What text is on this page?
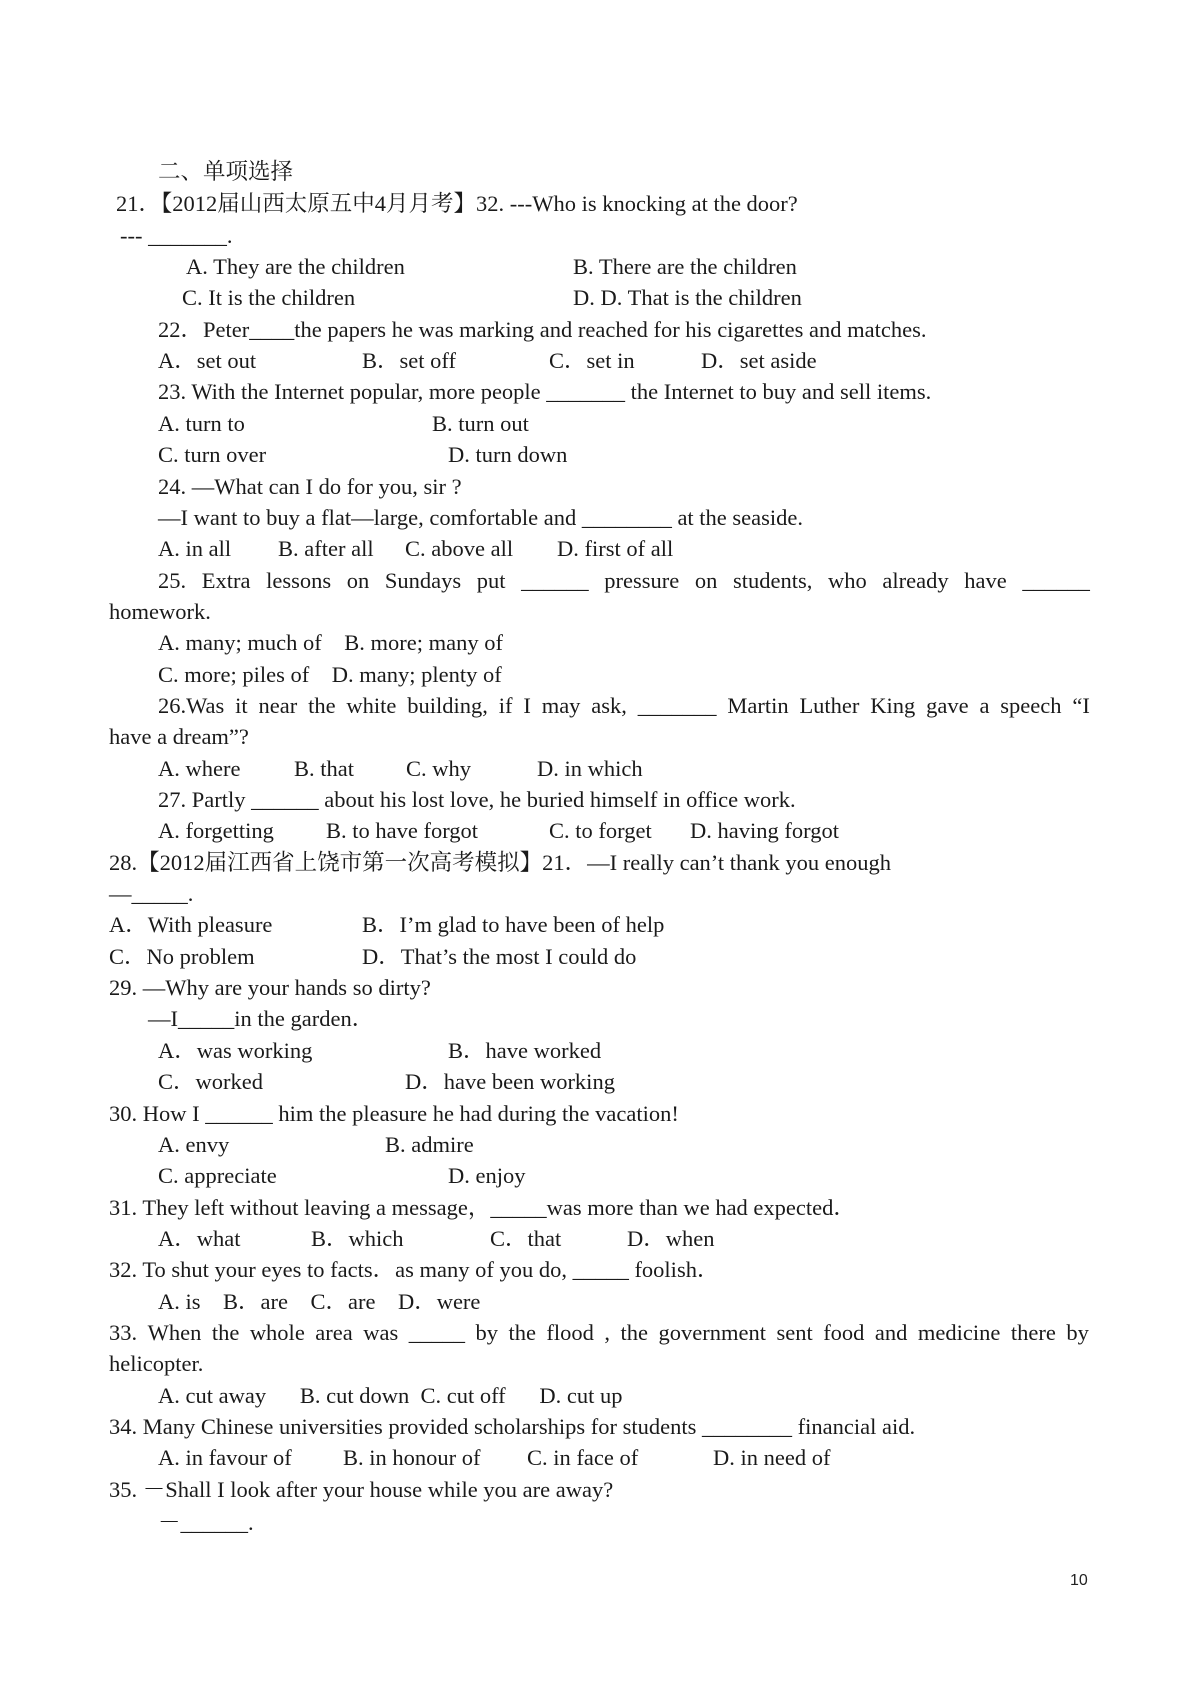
二、单项选择
21．【2012届山西太原五中4月月考】32. ---Who is knocking at the door?
--- _______.
A. They are the children	B. There are the children
C. It is the children	D. D. That is the children
22．Peter____the papers he was marking and reached for his cigarettes and matches.
A．set out	B．set off	C．set in	D．set aside
23. With the Internet popular, more people _______ the Internet to buy and sell items.
A. turn to	B. turn out
C. turn over	D. turn down
24. —What can I do for you, sir ?
—I want to buy a flat—large, comfortable and ________ at the seaside.
A. in all B. after all C. above all D. first of all
25. Extra lessons on Sundays put ______ pressure on students, who already have ______
homework.
A. many; much of    B. more; many of
C. more; piles of    D. many; plenty of
26.Was it near the white building, if I may ask, _______ Martin Luther King gave a speech “I
have a dream”?
A. where B. that C. why	D. in which
27. Partly ______ about his lost love, he buried himself in office work.
A. forgetting B. to have forgot	C. to forget D. having forgot
28.【2012届江西省上饶市第一次高考模拟】21．—I really can’t thank you enough
—_____.
A．With pleasure	B．I’m glad to have been of help
C．No problem	D．That’s the most I could do
29. —Why are your hands so dirty?
—I_____in the garden．
A．was working	B．have worked
C．worked	D．have been working
30. How I ______ him the pleasure he had during the vacation!
A. envy	B. admire
C. appreciate	D. enjoy
31. They left without leaving a message，_____was more than we had expected．
A．what	B．which	C．that	D．when
32. To shut your eyes to facts．as many of you do, _____ foolish．
A. is    B．are    C．are    D．were
33. When the whole area was _____ by the flood , the government sent food and medicine there by
helicopter.
A. cut away      B. cut down  C. cut off      D. cut up
34. Many Chinese universities provided scholarships for students ________ financial aid.
A. in favour of B. in honour of C. in face of	D. in need of
35. －Shall I look after your house while you are away?
－______.
10
